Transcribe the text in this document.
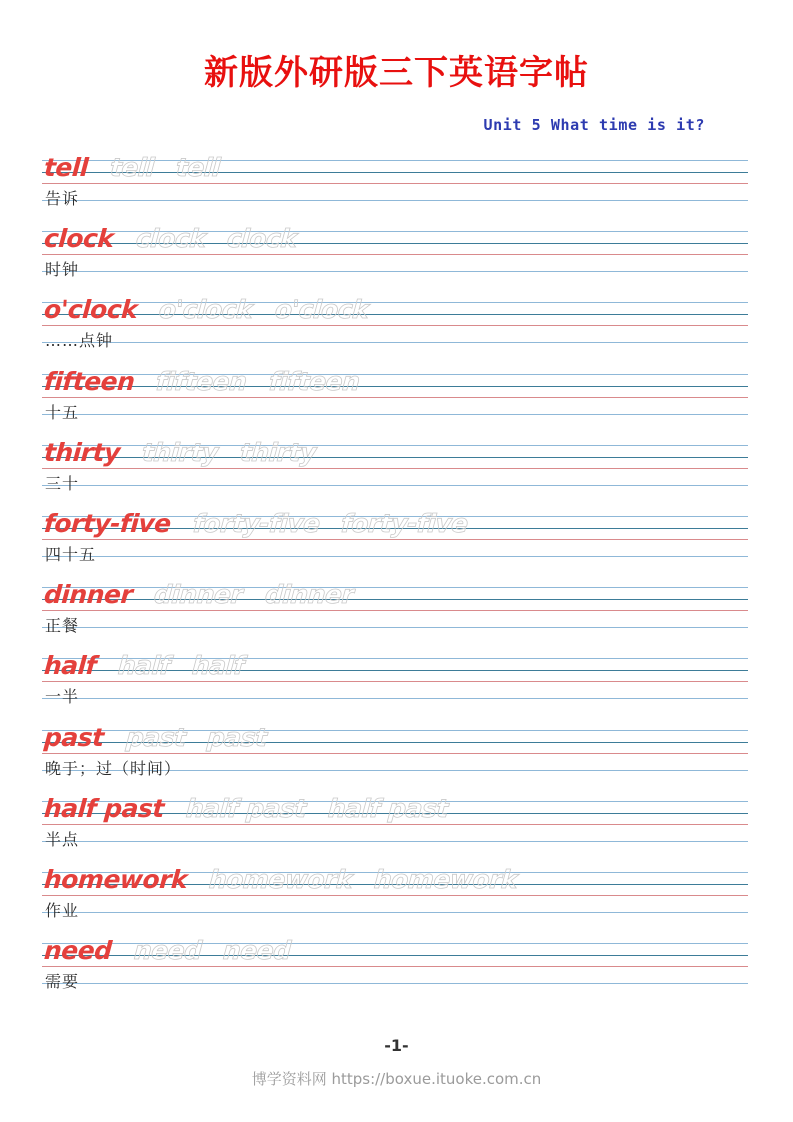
新版外研版三下英语字帖
Unit 5 What time is it?
tell tell tell
告诉
clock clock clock
时钟
o'clock o'clock o'clock
……点钟
fifteen fifteen fifteen
十五
thirty thirty thirty
三十
forty-five forty-five forty-five
四十五
dinner dinner dinner
正餐
half half half
一半
past past past
晚于；过（时间）
half past half past half past
半点
homework homework homework
作业
need need need
需要
-1-
博学资料网 https://boxue.ituoke.com.cn
